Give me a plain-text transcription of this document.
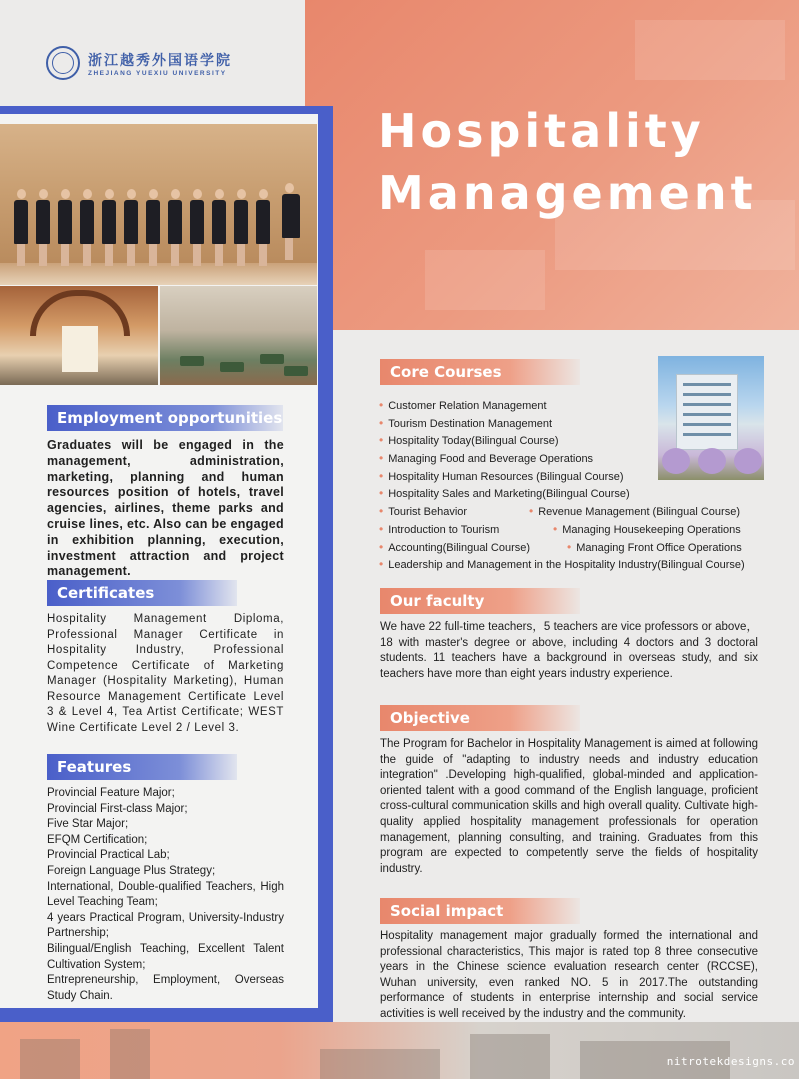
Hospitality
Management
浙江越秀外国语学院
ZHEJIANG YUEXIU UNIVERSITY
Employment opportunities
Graduates will be engaged in the management, administration, marketing, planning and human resources position of hotels, travel agencies, airlines, theme parks and cruise lines, etc. Also can be engaged in exhibition planning, execution, investment attraction and project management.
Certificates
Hospitality Management Diploma, Professional Manager Certificate in Hospitality Industry, Professional Competence Certificate of Marketing Manager (Hospitality Marketing), Human Resource Management Certificate Level 3 & Level 4, Tea Artist Certificate; WEST Wine Certificate Level 2 / Level 3.
Features
Provincial Feature Major;
Provincial First-class Major;
Five Star Major;
EFQM Certification;
Provincial Practical Lab;
Foreign Language Plus Strategy;
International, Double-qualified Teachers, High Level Teaching Team;
4 years Practical Program, University-Industry Partnership;
Bilingual/English Teaching, Excellent Talent Cultivation System;
Entrepreneurship, Employment, Overseas Study Chain.
Core Courses
• Customer Relation Management
• Tourism Destination Management
• Hospitality Today(Bilingual Course)
• Managing Food and Beverage Operations
• Hospitality Human Resources (Bilingual Course)
• Hospitality Sales and Marketing(Bilingual Course)
• Tourist Behavior	• Revenue Management (Bilingual Course)
• Introduction to Tourism	• Managing Housekeeping Operations
• Accounting(Bilingual Course)	• Managing Front Office Operations
• Leadership and Management in the Hospitality Industry(Bilingual Course)
Our faculty
We have 22 full-time teachers，5 teachers are vice professors or above，18 with master's degree or above, including 4 doctors and 3 doctoral students. 11 teachers have a background in overseas study, and six teachers have more than eight years industry experience.
Objective
The Program for Bachelor in Hospitality Management is aimed at following the guide of "adapting to industry needs and industry education integration" .Developing high-qualified, global-minded and application-oriented talent with a good command of the English language, proficient cross-cultural communication skills and high overall quality. Cultivate high-quality applied hospitality management professionals for operation management, planning consulting, and training. Graduates from this program are expected to competently serve the fields of hospitality industry.
Social impact
Hospitality management major gradually formed the international and professional characteristics, This major is rated top 8 three consecutive years in the Chinese science evaluation research center (RCCSE), Wuhan university, even ranked NO. 5 in 2017.The outstanding performance of students in enterprise internship and social service activities is well received by the industry and the community.
nitrotekdesigns.co
